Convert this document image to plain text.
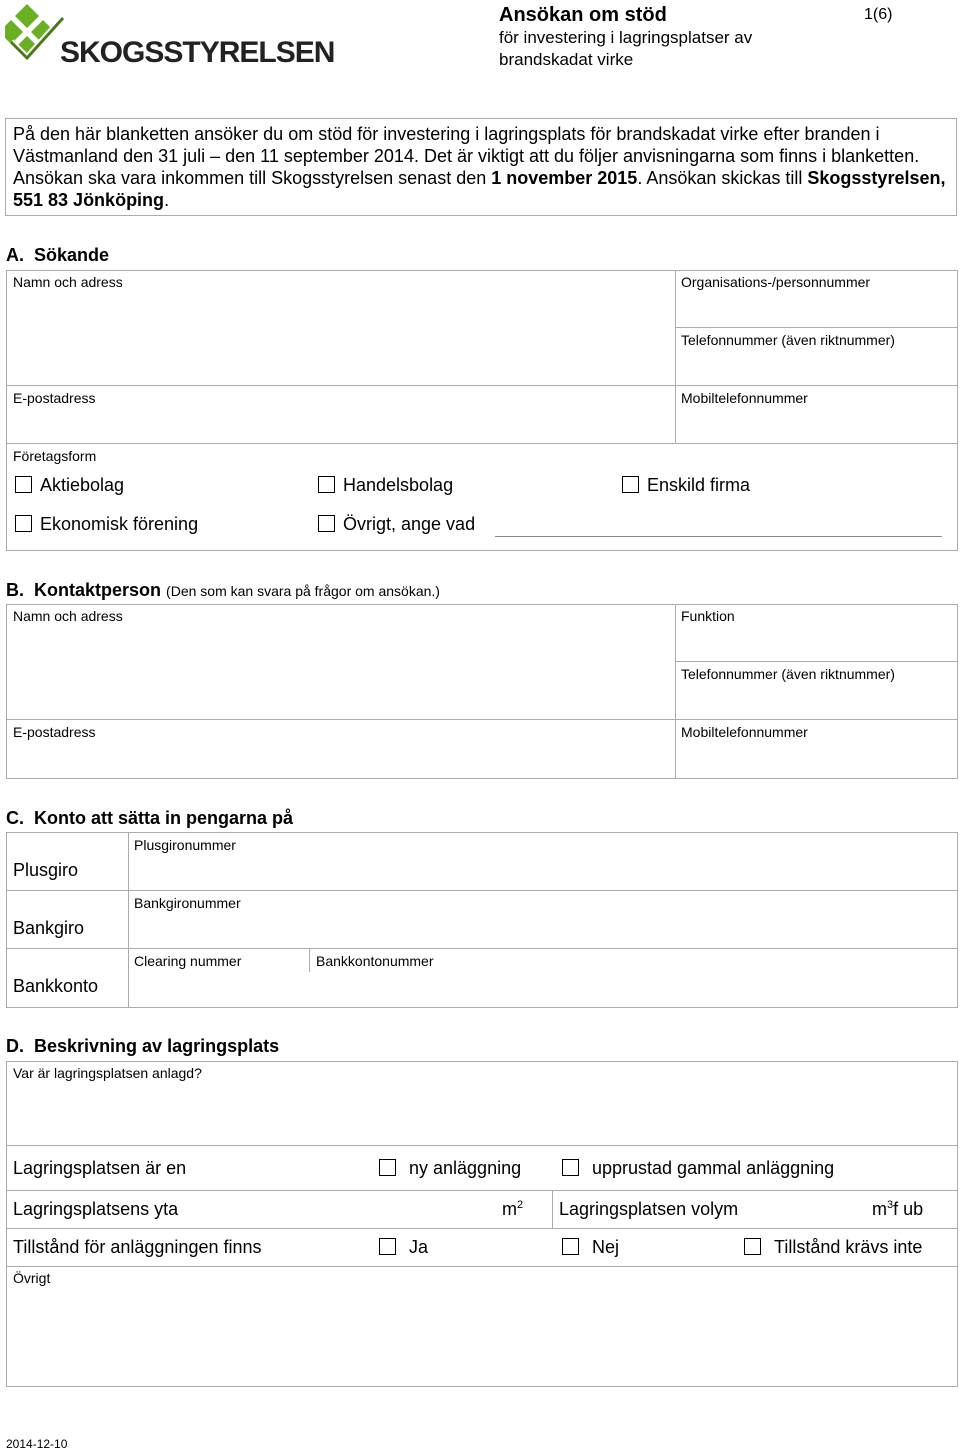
SKOGSSTYRELSEN
Ansökan om stöd
för investering i lagringsplatser av
brandskadat virke
1(6)
På den här blanketten ansöker du om stöd för investering i lagringsplats för brandskadat virke efter branden i Västmanland den 31 juli – den 11 september 2014. Det är viktigt att du följer anvisningarna som finns i blanketten. Ansökan ska vara inkommen till Skogsstyrelsen senast den 1 november 2015. Ansökan skickas till Skogsstyrelsen, 551 83 Jönköping.
A. Sökande
Namn och adress	Organisations-/personnummer
Telefonnummer (även riktnummer)
E-postadress	Mobiltelefonnummer
Företagsform
Aktiebolag	Handelsbolag	Enskild firma
Ekonomisk förening	Övrigt, ange vad
B. Kontaktperson (Den som kan svara på frågor om ansökan.)
Namn och adress	Funktion
Telefonnummer (även riktnummer)
E-postadress	Mobiltelefonnummer
C. Konto att sätta in pengarna på
Plusgiro
Plusgironummer
Bankgiro
Bankgironummer
Bankkonto
Clearing nummer	Bankkontonummer
D. Beskrivning av lagringsplats
Var är lagringsplatsen anlagd?
Lagringsplatsen är en	ny anläggning	upprustad gammal anläggning
Lagringsplatsens yta	$m^2$ Lagringsplatsen volym	$m^3f$ ub
Tillstånd för anläggningen finns	Ja	Nej	Tillstånd krävs inte
Övrigt
2014-12-10
